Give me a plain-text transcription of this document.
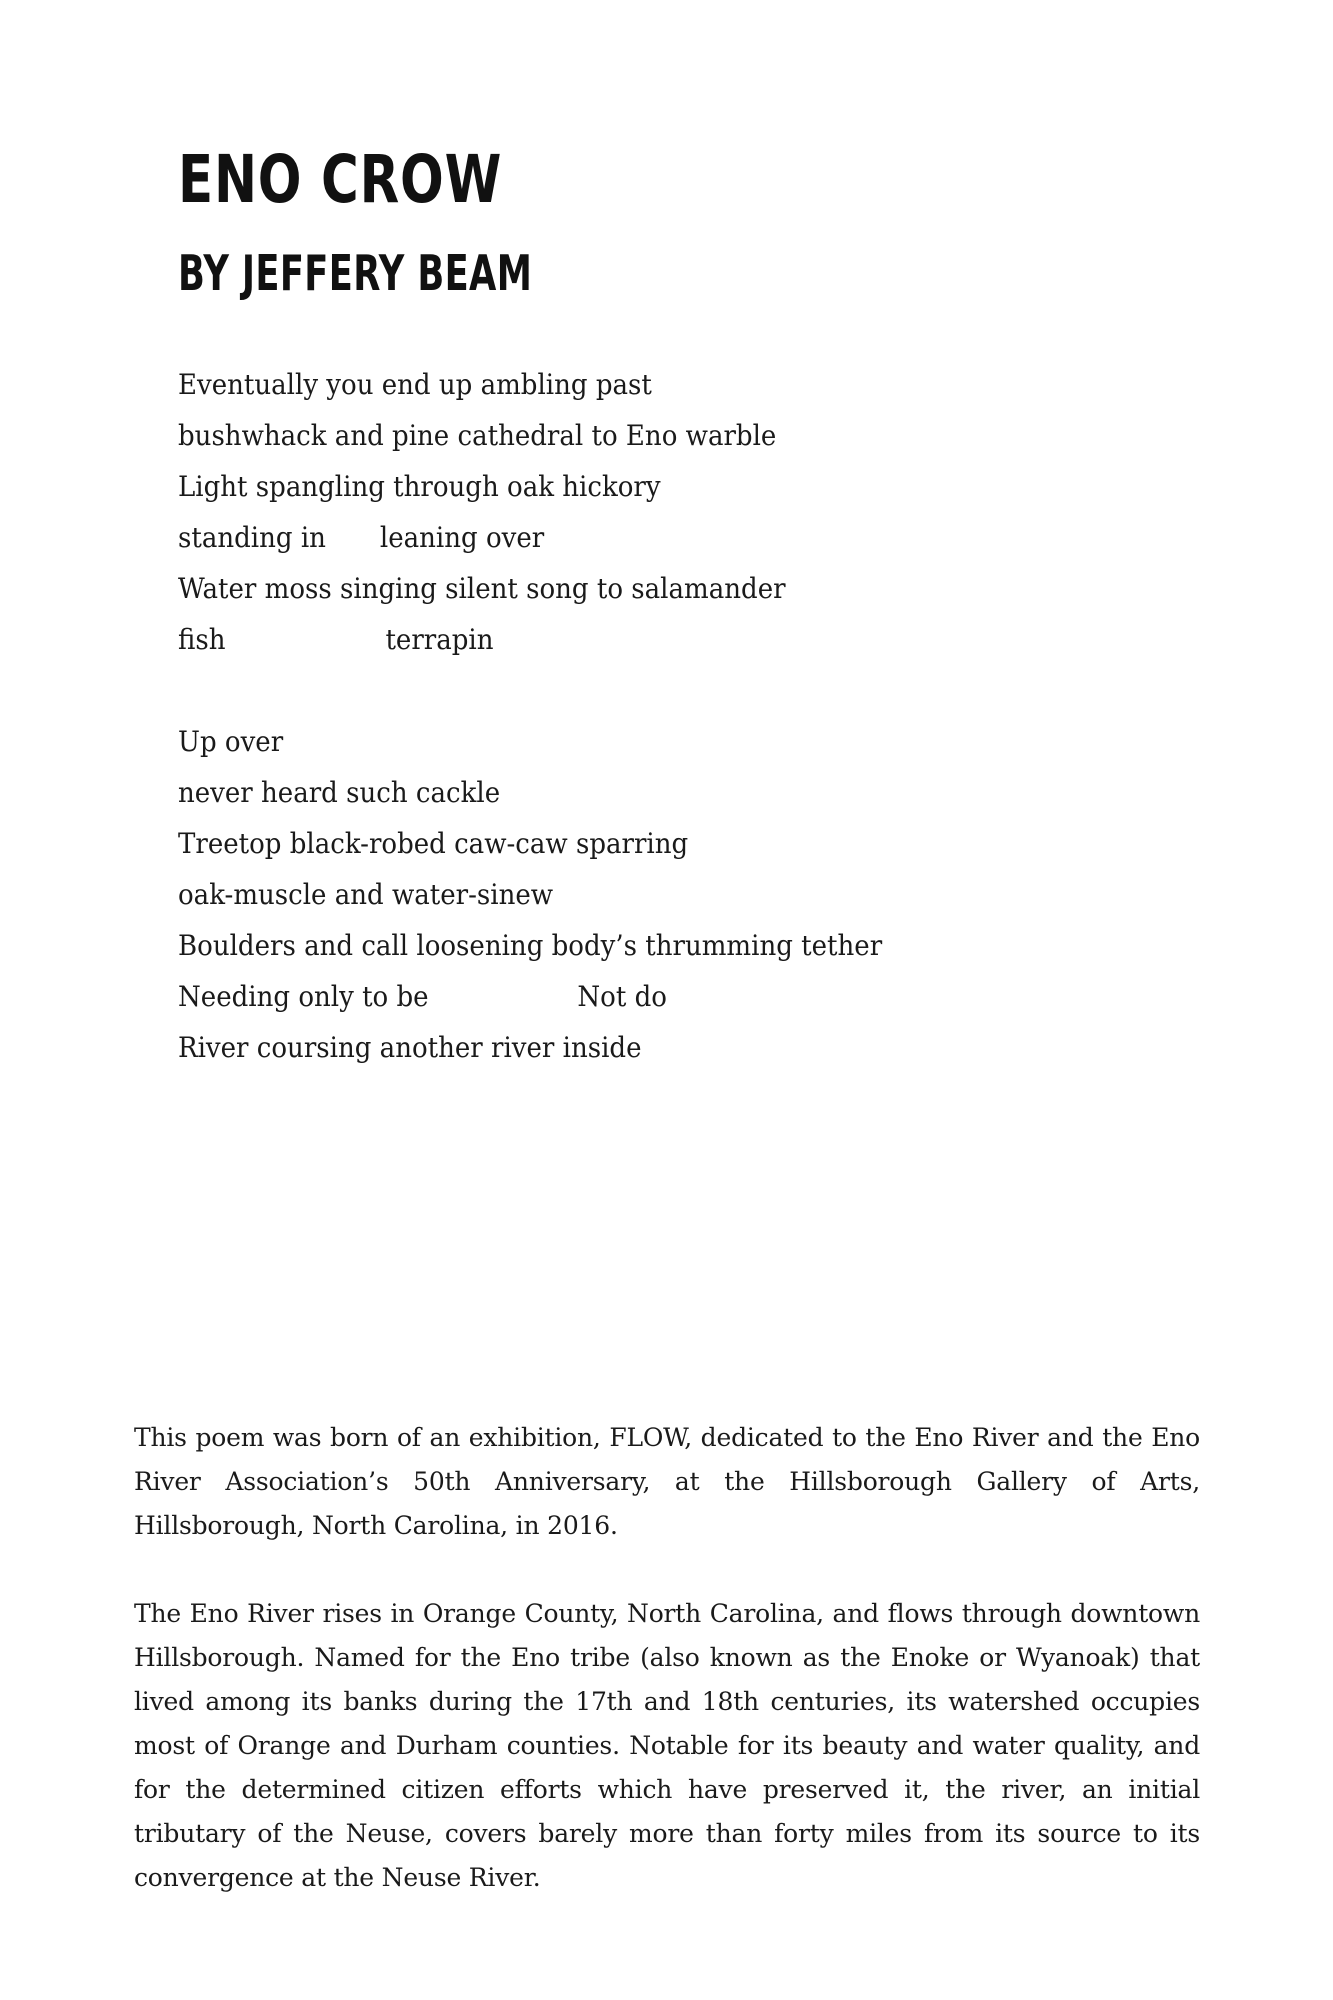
ENO CROW
BY JEFFERY BEAM
Eventually you end up ambling past
bushwhack and pine cathedral to Eno warble
Light spangling through oak hickory
standing in leaning over
Water moss singing silent song to salamander
fish	terrapin
Up over
never heard such cackle
Treetop black-robed caw-caw sparring
oak-muscle and water-sinew
Boulders and call loosening body’s thrumming tether
Needing only to be	Not do
River coursing another river inside

This poem was born of an exhibition, FLOW, dedicated to the Eno River and the Eno River Association’s 50th Anniversary, at the Hillsborough Gallery of Arts, Hillsborough, North Carolina, in 2016.

The Eno River rises in Orange County, North Carolina, and flows through downtown Hillsborough. Named for the Eno tribe (also known as the Enoke or Wyanoak) that lived among its banks during the 17th and 18th centuries, its watershed occupies most of Orange and Durham counties. Notable for its beauty and water quality, and for the determined citizen efforts which have preserved it, the river, an initial tributary of the Neuse, covers barely more than forty miles from its source to its convergence at the Neuse River.
